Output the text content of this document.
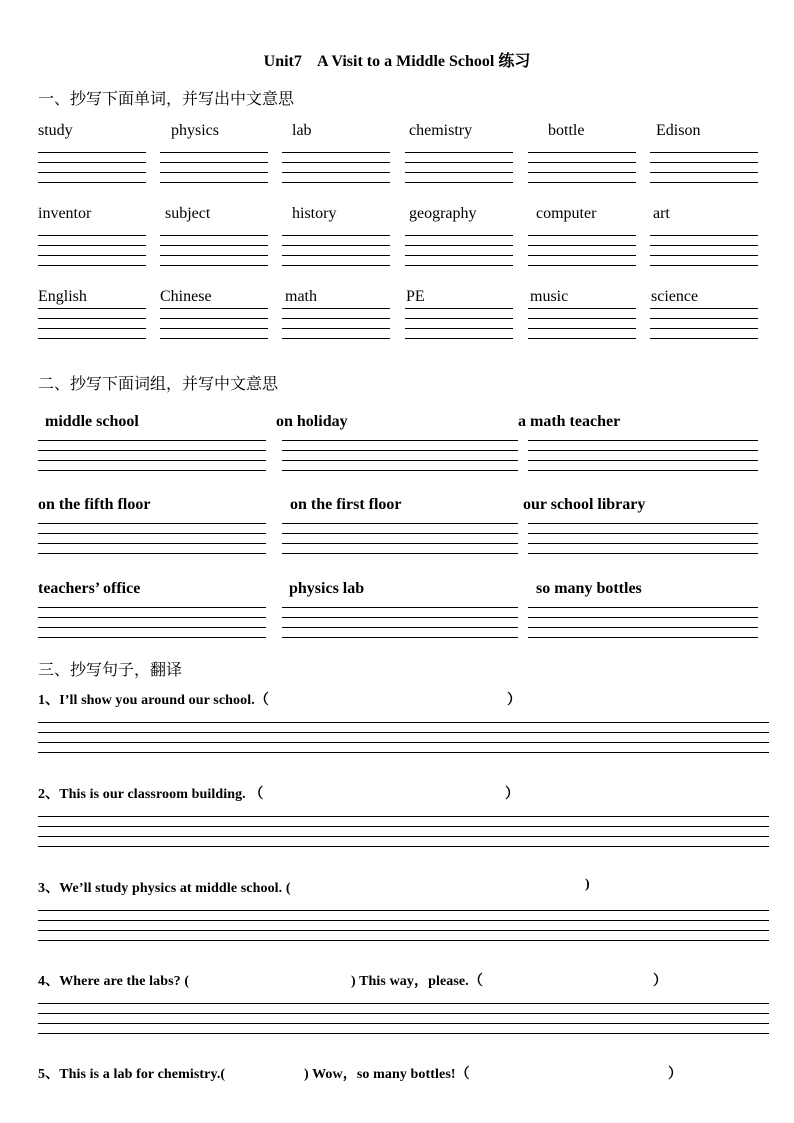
Unit7    A Visit to a Middle School 练习
一、抄写下面单词，并写出中文意思
study	physics	lab	chemistry	bottle	Edison
inventor	subject	history	geography	computer	art
English	Chinese	math	PE	music	science
二、抄写下面词组，并写中文意思
middle school	on holiday	a math teacher
on the fifth floor	on the first floor	our school library
teachers’ office	physics lab	so many bottles
三、抄写句子，翻译
1、I’ll show you around our school.（	）
2、This is our classroom building. （	）
3、We’ll study physics at middle school. (	)
4、Where are the labs? (	) This way，please.（	）
5、This is a lab for chemistry.(	) Wow，so many bottles!（	）
